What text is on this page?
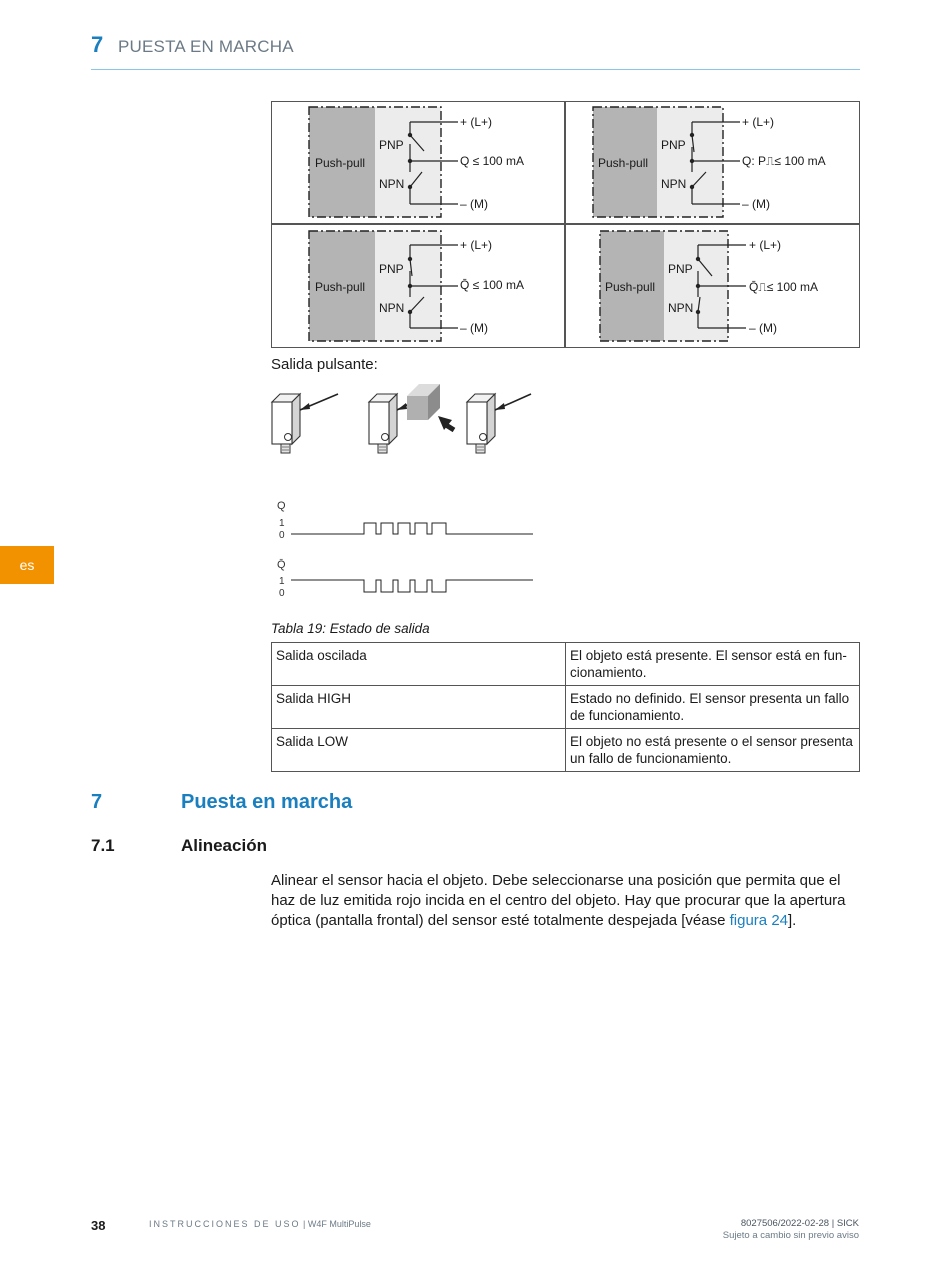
7 PUESTA EN MARCHA
es
Push-pull
PNP
NPN
+ (L+)
Q ≤ 100 mA
– (M)
Push-pull
PNP
NPN
+ (L+)
Q: P⎍≤ 100 mA
– (M)
Push-pull
PNP
NPN
+ (L+)
Q̄ ≤ 100 mA
– (M)
Push-pull
PNP
NPN
+ (L+)
Q̄⎍≤ 100 mA
– (M)
Salida pulsante:
Q
1
0
Q̄
1
0
Tabla 19: Estado de salida
Salida oscilada	El objeto está presente. El sensor está en funcionamiento.
Salida HIGH	Estado no definido. El sensor presenta un fallo de funcionamiento.
Salida LOW	El objeto no está presente o el sensor presenta un fallo de funcionamiento.
7	Puesta en marcha
7.1	Alineación
Alinear el sensor hacia el objeto. Debe seleccionarse una posición que permita que el haz de luz emitida rojo incida en el centro del objeto. Hay que procurar que la apertura óptica (pantalla frontal) del sensor esté totalmente despejada [véase figura 24].
38	INSTRUCCIONES DE USO | W4F MultiPulse	8027506/2022-02-28 | SICK
Sujeto a cambio sin previo aviso
